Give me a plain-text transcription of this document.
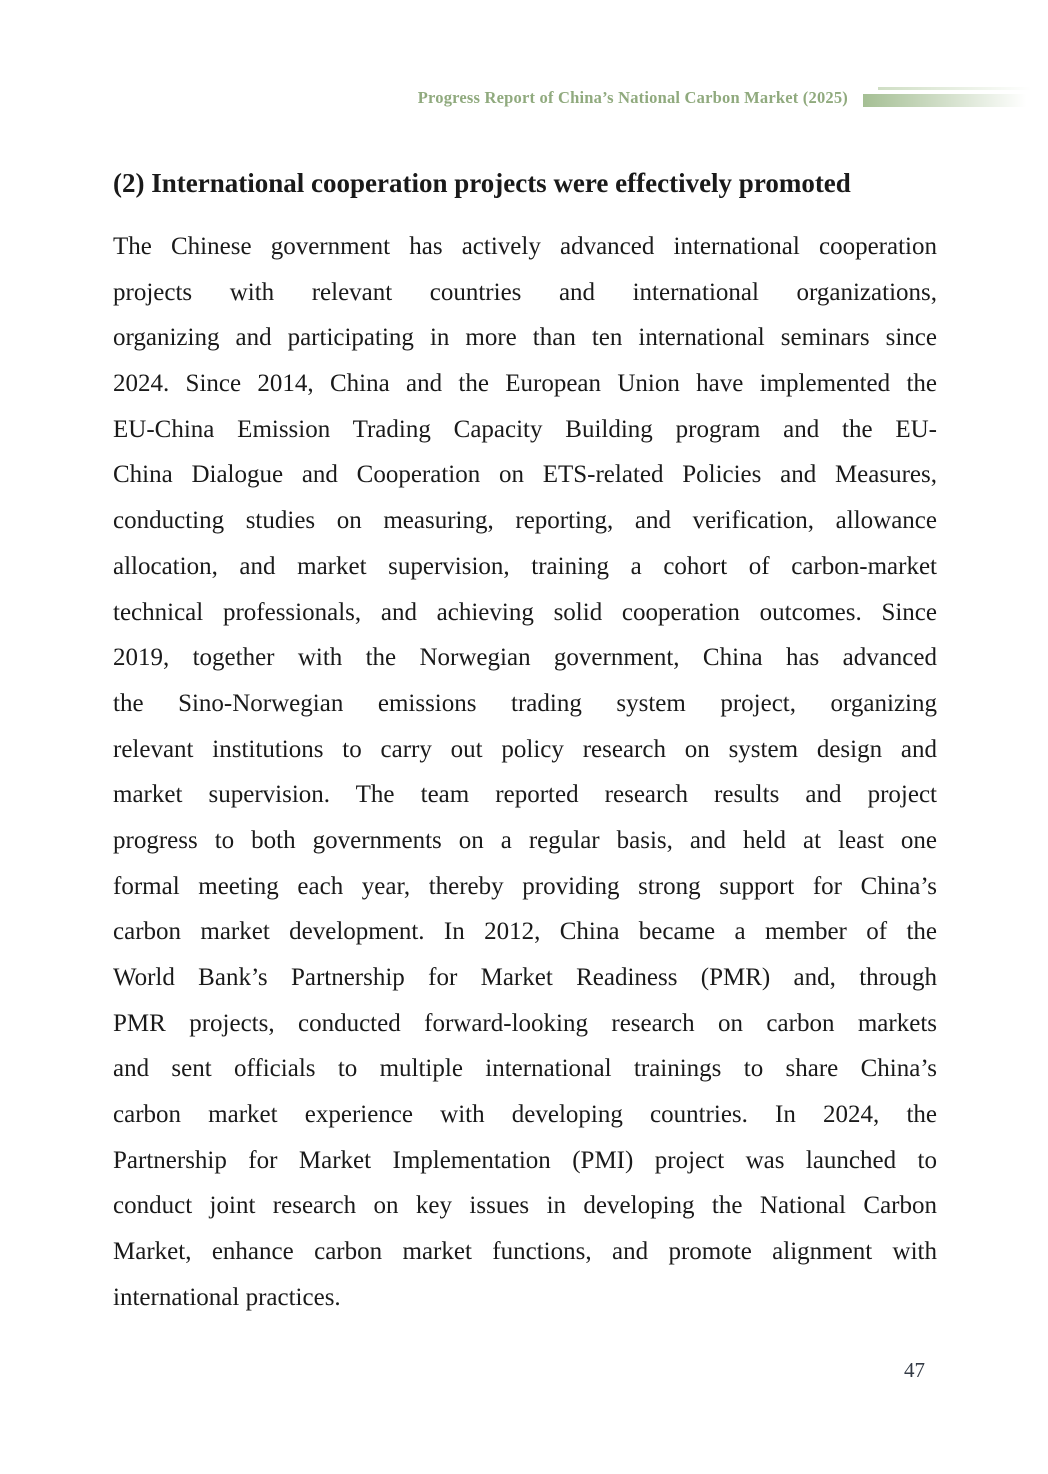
Progress Report of China’s National Carbon Market (2025)
(2) International cooperation projects were effectively promoted
The Chinese government has actively advanced international cooperation
projects with relevant countries and international organizations,
organizing and participating in more than ten international seminars since
2024. Since 2014, China and the European Union have implemented the
EU-China Emission Trading Capacity Building program and the EU-
China Dialogue and Cooperation on ETS-related Policies and Measures,
conducting studies on measuring, reporting, and verification, allowance
allocation, and market supervision, training a cohort of carbon-market
technical professionals, and achieving solid cooperation outcomes. Since
2019, together with the Norwegian government, China has advanced
the Sino-Norwegian emissions trading system project, organizing
relevant institutions to carry out policy research on system design and
market supervision. The team reported research results and project
progress to both governments on a regular basis, and held at least one
formal meeting each year, thereby providing strong support for China’s
carbon market development. In 2012, China became a member of the
World Bank’s Partnership for Market Readiness (PMR) and, through
PMR projects, conducted forward-looking research on carbon markets
and sent officials to multiple international trainings to share China’s
carbon market experience with developing countries. In 2024, the
Partnership for Market Implementation (PMI) project was launched to
conduct joint research on key issues in developing the National Carbon
Market, enhance carbon market functions, and promote alignment with
international practices.
47
